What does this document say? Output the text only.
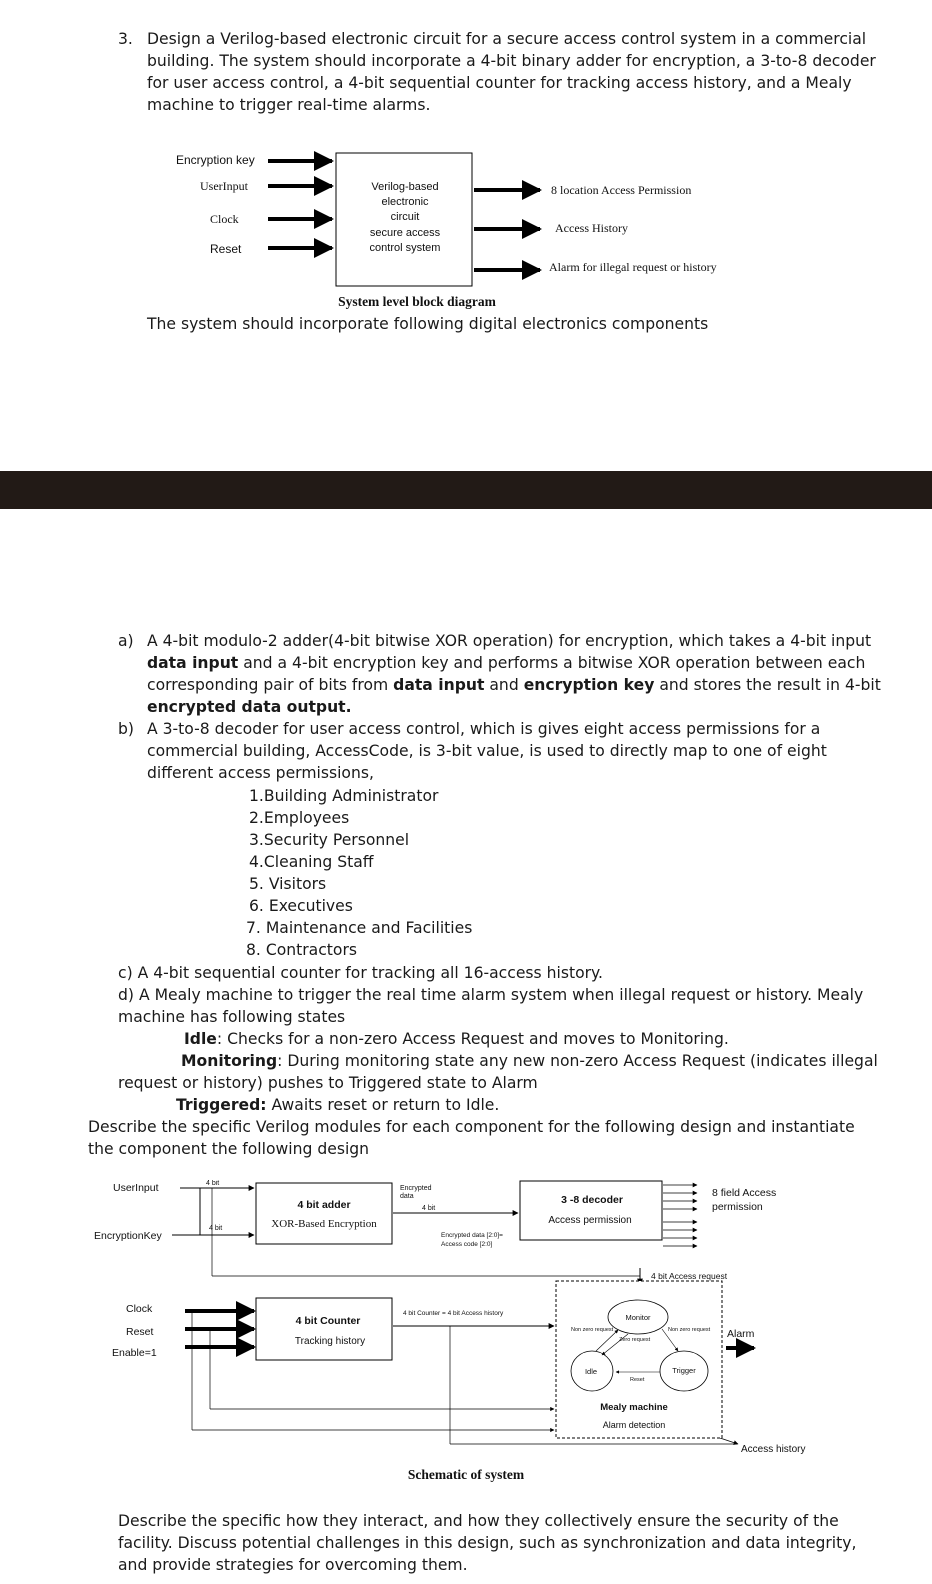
3. Design a Verilog-based electronic circuit for a secure access control system in a commercial

building. The system should incorporate a 4-bit binary adder for encryption, a 3-to-8 decoder

for user access control, a 4-bit sequential counter for tracking access history, and a Mealy

machine to trigger real-time alarms.

Encryption key
UserInput
Clock
Reset
Verilog-based
electronic
circuit
secure access
control system
8 location Access Permission
Access History
Alarm for illegal request or history
System level block diagram

The system should incorporate following digital electronics components

a) A 4-bit modulo-2 adder(4-bit bitwise XOR operation) for encryption, which takes a 4-bit input

data input and a 4-bit encryption key and performs a bitwise XOR operation between each

corresponding pair of bits from data input and encryption key and stores the result in 4-bit

encrypted data output.

b) A 3-to-8 decoder for user access control, which is gives eight access permissions for a

commercial building, AccessCode, is 3-bit value, is used to directly map to one of eight

different access permissions,

1.Building Administrator

2.Employees

3.Security Personnel

4.Cleaning Staff

5. Visitors

6. Executives

7. Maintenance and Facilities

8. Contractors

c) A 4-bit sequential counter for tracking all 16-access history.

d) A Mealy machine to trigger the real time alarm system when illegal request or history. Mealy

machine has following states

Idle: Checks for a non-zero Access Request and moves to Monitoring.

Monitoring: During monitoring state any new non-zero Access Request (indicates illegal

request or history) pushes to Triggered state to Alarm

Triggered: Awaits reset or return to Idle.

Describe the specific Verilog modules for each component for the following design and instantiate

the component the following design

UserInput
EncryptionKey
Clock
Reset
Enable=1
4 bit
4 bit
4 bit Access request
4 bit adder
XOR-Based Encryption
Encrypted
data
4 bit
Encrypted data [2:0]=
Access code [2:0]
3 -8 decoder
Access permission
8 field Access
permission
4 bit Counter
Tracking history
4 bit Counter = 4 bit Access history
Access history
Monitor
Idle	Trigger
Non zero request
Zero request
Non zero request
Reset
Mealy machine
Alarm detection
Alarm
Schematic of system

Describe the specific how they interact, and how they collectively ensure the security of the

facility. Discuss potential challenges in this design, such as synchronization and data integrity,

and provide strategies for overcoming them.
